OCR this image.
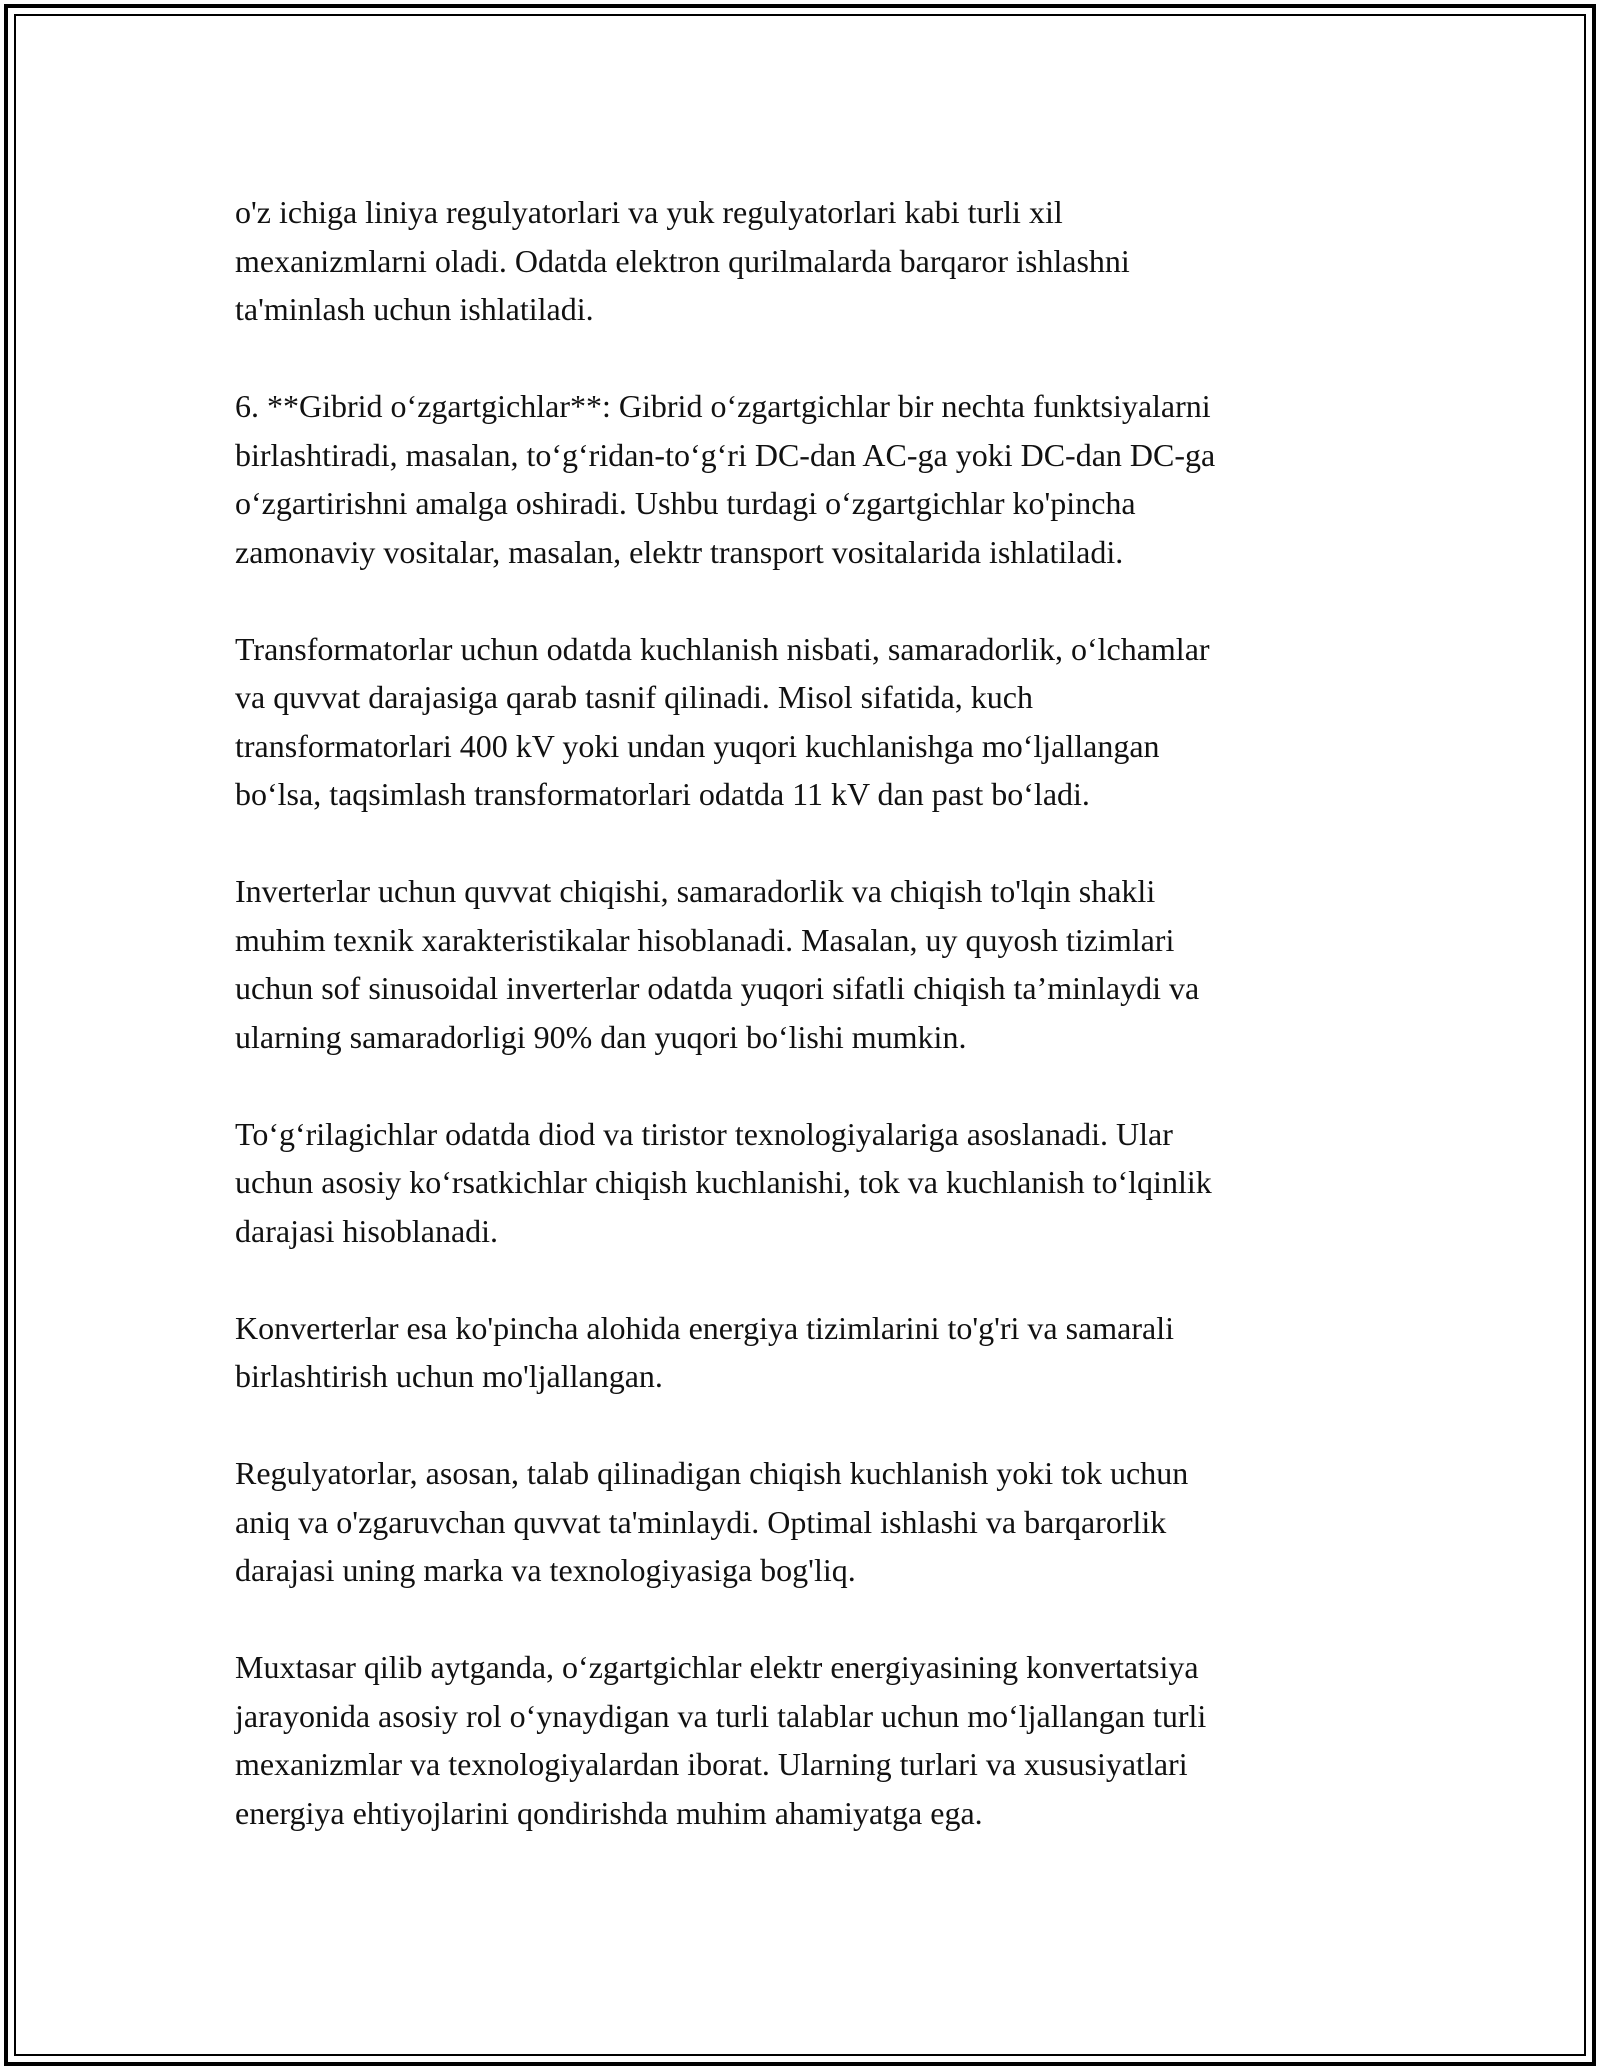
o'z ichiga liniya regulyatorlari va yuk regulyatorlari kabi turli xil
mexanizmlarni oladi. Odatda elektron qurilmalarda barqaror ishlashni
ta'minlash uchun ishlatiladi.

6. **Gibrid oʻzgartgichlar**: Gibrid oʻzgartgichlar bir nechta funktsiyalarni
birlashtiradi, masalan, toʻgʻridan-toʻgʻri DC-dan AC-ga yoki DC-dan DC-ga
oʻzgartirishni amalga oshiradi. Ushbu turdagi oʻzgartgichlar ko'pincha
zamonaviy vositalar, masalan, elektr transport vositalarida ishlatiladi.

Transformatorlar uchun odatda kuchlanish nisbati, samaradorlik, oʻlchamlar
va quvvat darajasiga qarab tasnif qilinadi. Misol sifatida, kuch
transformatorlari 400 kV yoki undan yuqori kuchlanishga moʻljallangan
boʻlsa, taqsimlash transformatorlari odatda 11 kV dan past boʻladi.

Inverterlar uchun quvvat chiqishi, samaradorlik va chiqish to'lqin shakli
muhim texnik xarakteristikalar hisoblanadi. Masalan, uy quyosh tizimlari
uchun sof sinusoidal inverterlar odatda yuqori sifatli chiqish ta’minlaydi va
ularning samaradorligi 90% dan yuqori boʻlishi mumkin.

Toʻgʻrilagichlar odatda diod va tiristor texnologiyalariga asoslanadi. Ular
uchun asosiy koʻrsatkichlar chiqish kuchlanishi, tok va kuchlanish toʻlqinlik
darajasi hisoblanadi.

Konverterlar esa ko'pincha alohida energiya tizimlarini to'g'ri va samarali
birlashtirish uchun mo'ljallangan.

Regulyatorlar, asosan, talab qilinadigan chiqish kuchlanish yoki tok uchun
aniq va o'zgaruvchan quvvat ta'minlaydi. Optimal ishlashi va barqarorlik
darajasi uning marka va texnologiyasiga bog'liq.

Muxtasar qilib aytganda, oʻzgartgichlar elektr energiyasining konvertatsiya
jarayonida asosiy rol oʻynaydigan va turli talablar uchun moʻljallangan turli
mexanizmlar va texnologiyalardan iborat. Ularning turlari va xususiyatlari
energiya ehtiyojlarini qondirishda muhim ahamiyatga ega.
